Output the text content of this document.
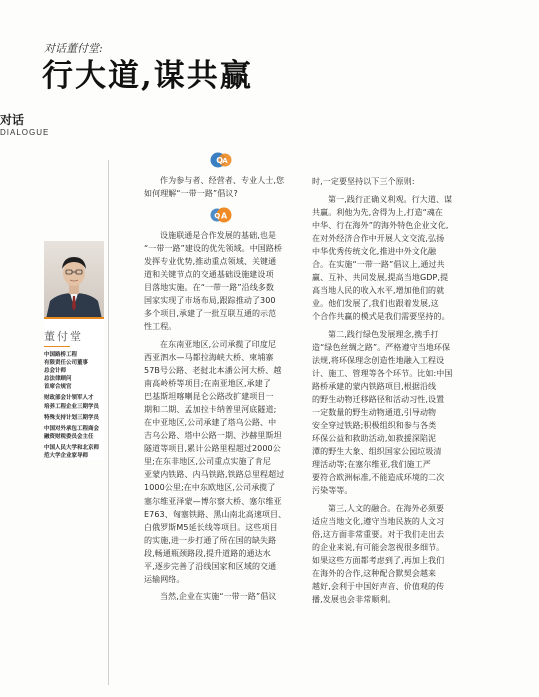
对话董付堂:
行大道,谋共赢
对话
DIALOGUE
董付堂
中国路桥工程
有限责任公司董事
总会计师
总法律顾问
首席合规官
财政部会计领军人才
培养工程企业三期学员
特殊支持计划三期学员
中国对外承包工程商会
融资财税委员会主任
中国人民大学和北京师
范大学企业家导师
Q
A
作为参与者、经营者、专业人士,您
如何理解“一带一路”倡议?
Q A
设施联通是合作发展的基础,也是
“一带一路”建设的优先领域。中国路桥
发挥专业优势,推动重点领域、关键通
道和关键节点的交通基础设施建设项
目落地实施。在“一带一路”沿线多数
国家实现了市场布局,跟踪推动了300
多个项目,承建了一批互联互通的示范
性工程。
在东南亚地区,公司承揽了印度尼
西亚泗水—马都拉海峡大桥、柬埔寨
57B号公路、老挝北本潘公河大桥、越
南高岭桥等项目;在南亚地区,承建了
巴基斯坦喀喇昆仑公路改扩建项目一
期和二期、孟加拉卡纳普里河底隧道;
在中亚地区,公司承建了塔乌公路、中
吉乌公路、塔中公路一期、沙赫里斯坦
隧道等项目,累计公路里程超过2000公
里;在东非地区,公司重点实施了肯尼
亚蒙内铁路、内马铁路,铁路总里程超过
1000公里;在中东欧地区,公司承揽了
塞尔维亚泽蒙—博尔察大桥、塞尔维亚
E763、匈塞铁路、黑山南北高速项目、
白俄罗斯M5延长线等项目。这些项目
的实施,进一步打通了所在国的缺失路
段,畅通瓶颈路段,提升道路的通达水
平,逐步完善了沿线国家和区域的交通
运输网络。
当然,企业在实施“一带一路”倡议
时,一定要坚持以下三个原则:
第一,践行正确义利观。行大道、谋
共赢。利他为先,舍得为上,打造“魂在
中华、行在海外”的海外特色企业文化,
在对外经济合作中开展人文交流,弘扬
中华优秀传统文化,推进中外文化融
合。在实施“一带一路”倡议上,通过共
赢、互补、共同发展,提高当地GDP,提
高当地人民的收入水平,增加他们的就
业。他们发展了,我们也跟着发展,这
个合作共赢的模式是我们需要坚持的。
第二,践行绿色发展理念,携手打
造“绿色丝绸之路”。严格遵守当地环保
法规,将环保理念创造性地融入工程设
计、施工、管理等各个环节。比如:中国
路桥承建的蒙内铁路项目,根据沿线
的野生动物迁移路径和活动习性,设置
一定数量的野生动物通道,引导动物
安全穿过铁路;积极组织和参与各类
环保公益和救助活动,如救援深陷泥
潭的野生大象、组织国家公园垃圾清
理活动等;在塞尔维亚,我们施工严
要符合欧洲标准,不能造成环境的二次
污染等等。
第三,人文的融合。在海外必须要
适应当地文化,遵守当地民族的人文习
俗,这方面非常重要。对于我们走出去
的企业来说,有可能会忽视很多细节。
如果这些方面都考虑到了,再加上我们
在海外的合作,这种配合默契会越来
越好,会利于中国好声音、价值观的传
播,发展也会非常顺利。
